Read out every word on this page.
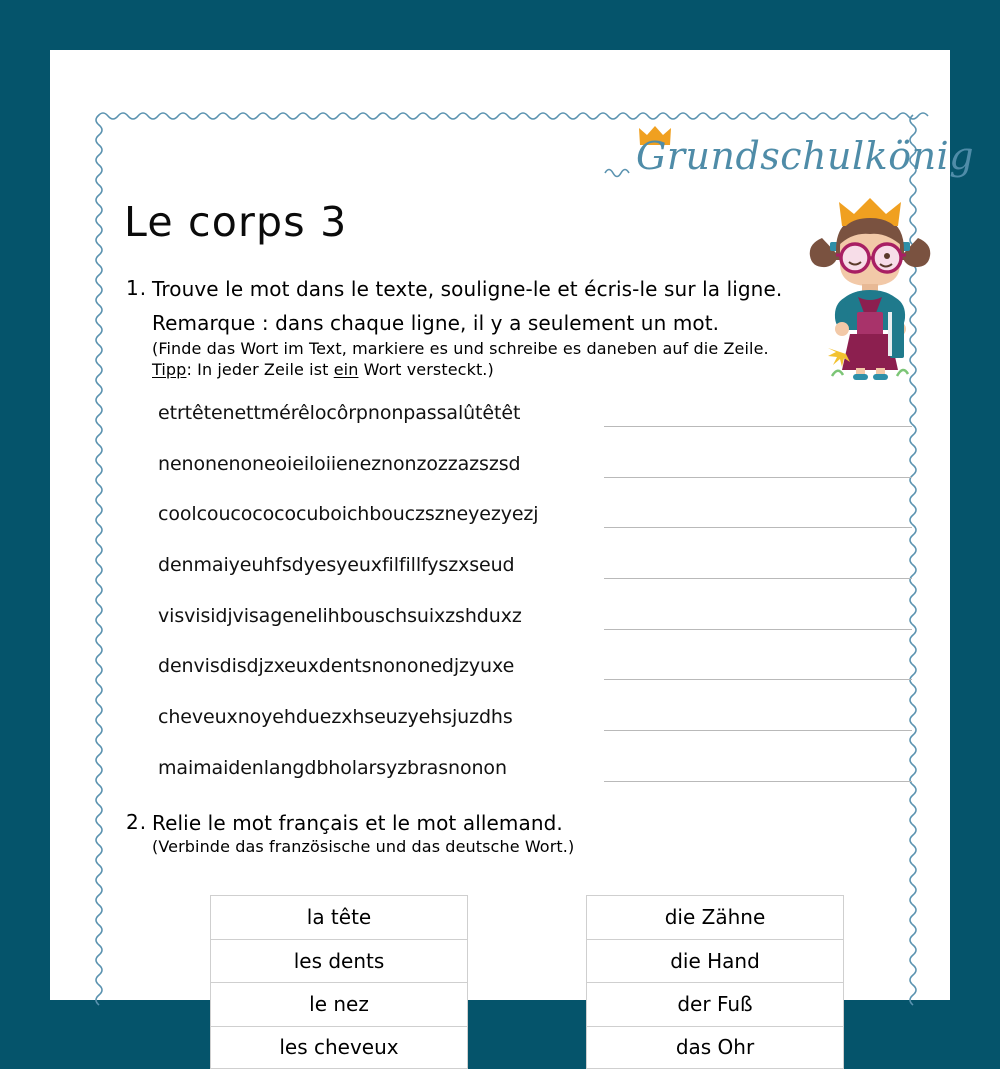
Grundschulkönig
Le corps 3
1. Trouve le mot dans le texte, souligne-le et écris-le sur la ligne.
Remarque : dans chaque ligne, il y a seulement un mot.
(Finde das Wort im Text, markiere es und schreibe es daneben auf die Zeile.
Tipp: In jeder Zeile ist ein Wort versteckt.)
etrtêtenettmérêlocôrpnonpassalûtêtêt
nenonenoneoieiloiieneznonzozzazszsd
coolcoucocococuboichbouczszneyezyezj
denmaiyeuhfsdyesyeuxfilfillfyszxseud
visvisidjvisagenelihbouschsuixzshduxz
denvisdisdjzxeuxdentsnononedjzyuxe
cheveuxnoyehduezxhseuzyehsjuzdhs
maimaidenlangdbholarsyzbrasnonon
2. Relie le mot français et le mot allemand.
(Verbinde das französische und das deutsche Wort.)
la tête
les dents
le nez
les cheveux
die Zähne
die Hand
der Fuß
das Ohr
